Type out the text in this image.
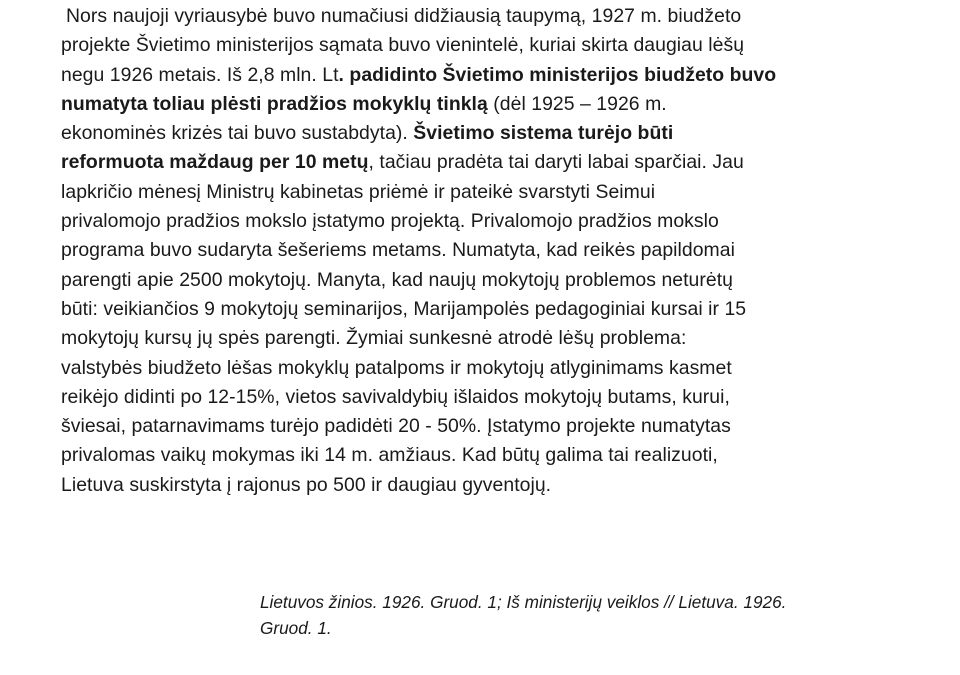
Nors naujoji vyriausybė buvo numačiusi didžiausią taupymą, 1927 m. biudžeto
projekte Švietimo ministerijos sąmata buvo vienintelė, kuriai skirta daugiau lėšų
negu 1926 metais. Iš 2,8 mln. Lt. padidinto Švietimo ministerijos biudžeto buvo
numatyta toliau plėsti pradžios mokyklų tinklą (dėl 1925 – 1926 m.
ekonominės krizės tai buvo sustabdyta). Švietimo sistema turėjo būti
reformuota maždaug per 10 metų, tačiau pradėta tai daryti labai sparčiai. Jau
lapkričio mėnesį Ministrų kabinetas priėmė ir pateikė svarstyti Seimui
privalomojo pradžios mokslo įstatymo projektą. Privalomojo pradžios mokslo
programa buvo sudaryta šešeriems metams. Numatyta, kad reikės papildomai
parengti apie 2500 mokytojų. Manyta, kad naujų mokytojų problemos neturėtų
būti: veikiančios 9 mokytojų seminarijos, Marijampolės pedagoginiai kursai ir 15
mokytojų kursų jų spės parengti. Žymiai sunkesnė atrodė lėšų problema:
valstybės biudžeto lėšas mokyklų patalpoms ir mokytojų atlyginimams kasmet
reikėjo didinti po 12-15%, vietos savivaldybių išlaidos mokytojų butams, kurui,
šviesai, patarnavimams turėjo padidėti 20 - 50%. Įstatymo projekte numatytas
privalomas vaikų mokymas iki 14 m. amžiaus. Kad būtų galima tai realizuoti,
Lietuva suskirstyta į rajonus po 500 ir daugiau gyventojų.

Lietuvos žinios. 1926. Gruod. 1; Iš ministerijų veiklos // Lietuva. 1926.
Gruod. 1.
